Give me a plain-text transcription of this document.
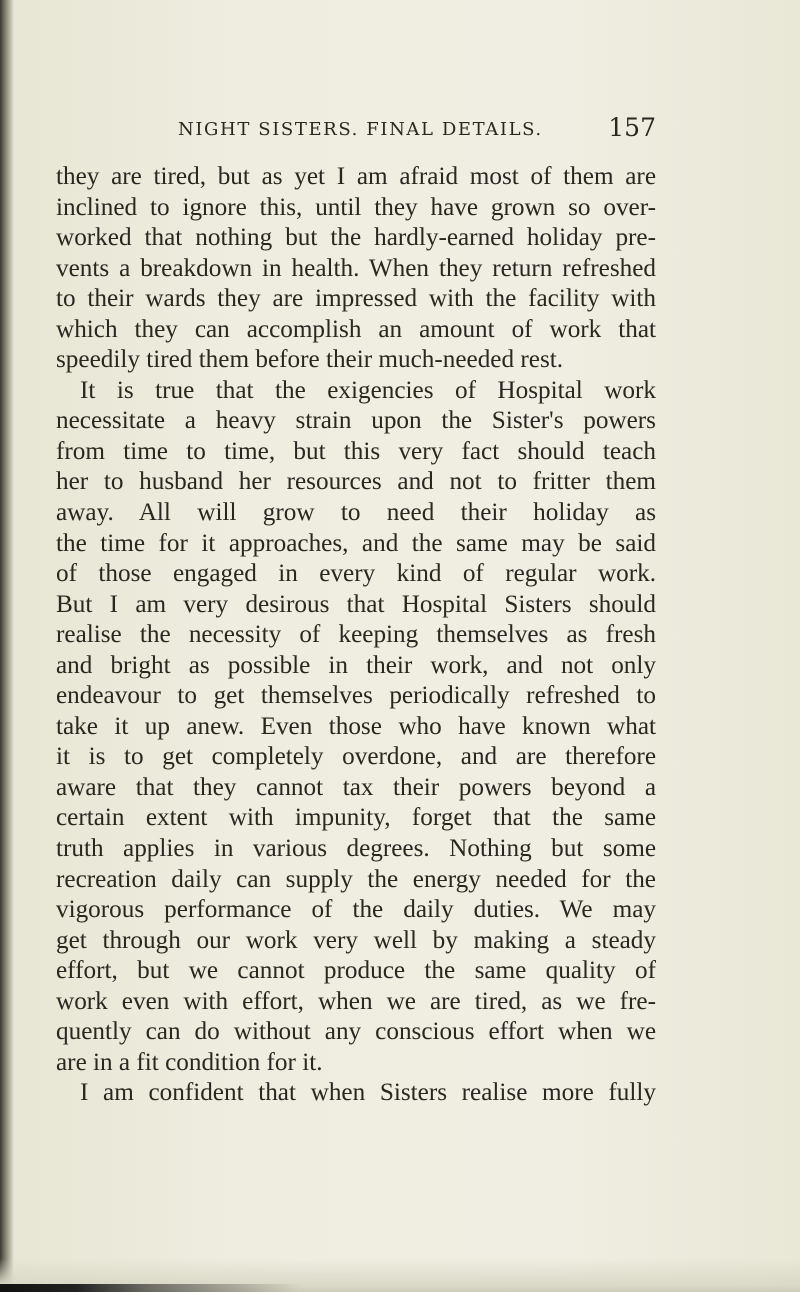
NIGHT SISTERS. FINAL DETAILS.	157
they are tired, but as yet I am afraid most of them are
inclined to ignore this, until they have grown so over-
worked that nothing but the hardly-earned holiday pre-
vents a breakdown in health. When they return refreshed
to their wards they are impressed with the facility with
which they can accomplish an amount of work that
speedily tired them before their much-needed rest.
It is true that the exigencies of Hospital work
necessitate a heavy strain upon the Sister's powers
from time to time, but this very fact should teach
her to husband her resources and not to fritter them
away. All will grow to need their holiday as
the time for it approaches, and the same may be said
of those engaged in every kind of regular work.
But I am very desirous that Hospital Sisters should
realise the necessity of keeping themselves as fresh
and bright as possible in their work, and not only
endeavour to get themselves periodically refreshed to
take it up anew. Even those who have known what
it is to get completely overdone, and are therefore
aware that they cannot tax their powers beyond a
certain extent with impunity, forget that the same
truth applies in various degrees. Nothing but some
recreation daily can supply the energy needed for the
vigorous performance of the daily duties. We may
get through our work very well by making a steady
effort, but we cannot produce the same quality of
work even with effort, when we are tired, as we fre-
quently can do without any conscious effort when we
are in a fit condition for it.
I am confident that when Sisters realise more fully
